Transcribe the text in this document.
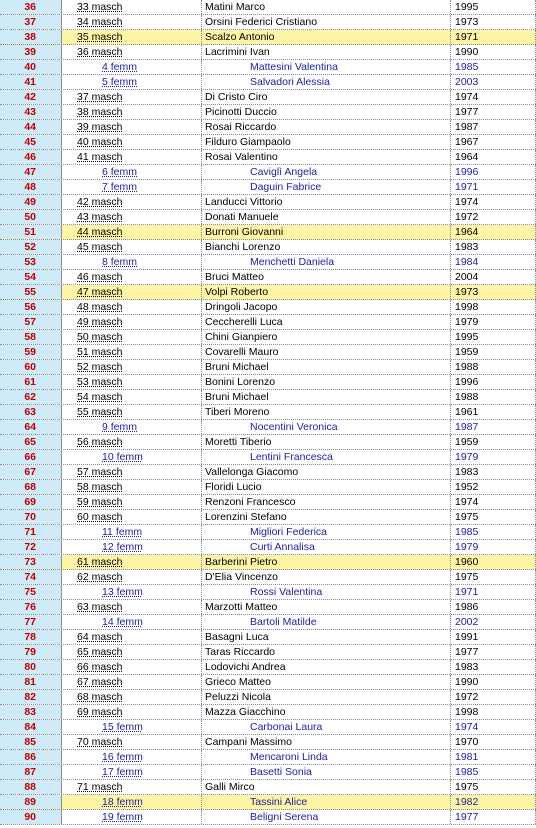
36	33 masch	Matini Marco	1995
37	34 masch	Orsini Federici Cristiano	1973
38	35 masch	Scalzo Antonio	1971
39	36 masch	Lacrimini Ivan	1990
40	4 femm	Mattesini Valentina	1985
41	5 femm	Salvadori Alessia	2003
42	37 masch	Di Cristo Ciro	1974
43	38 masch	Picinotti Duccio	1977
44	39 masch	Rosai Riccardo	1987
45	40 masch	Filduro Giampaolo	1967
46	41 masch	Rosai Valentino	1964
47	6 femm	Caviglì Angela	1996
48	7 femm	Daguin Fabrice	1971
49	42 masch	Landucci Vittorio	1974
50	43 masch	Donati Manuele	1972
51	44 masch	Burroni Giovanni	1964
52	45 masch	Bianchi Lorenzo	1983
53	8 femm	Menchetti Daniela	1984
54	46 masch	Bruci Matteo	2004
55	47 masch	Volpi Roberto	1973
56	48 masch	Dringoli Jacopo	1998
57	49 masch	Ceccherelli Luca	1979
58	50 masch	Chini Gianpiero	1995
59	51 masch	Covarelli Mauro	1959
60	52 masch	Bruni Michael	1988
61	53 masch	Bonini Lorenzo	1996
62	54 masch	Bruni Michael	1988
63	55 masch	Tiberi Moreno	1961
64	9 femm	Nocentini Veronica	1987
65	56 masch	Moretti Tiberio	1959
66	10 femm	Lentini Francesca	1979
67	57 masch	Vallelonga Giacomo	1983
68	58 masch	Floridi Lucio	1952
69	59 masch	Renzoni Francesco	1974
70	60 masch	Lorenzini Stefano	1975
71	11 femm	Migliori Federica	1985
72	12 femm	Curti Annalisa	1979
73	61 masch	Barberini Pietro	1960
74	62 masch	D'Elia Vincenzo	1975
75	13 femm	Rossi Valentina	1971
76	63 masch	Marzotti Matteo	1986
77	14 femm	Bartoli Matilde	2002
78	64 masch	Basagni Luca	1991
79	65 masch	Taras Riccardo	1977
80	66 masch	Lodovichi Andrea	1983
81	67 masch	Grieco Matteo	1990
82	68 masch	Peluzzi Nicola	1972
83	69 masch	Mazza Giacchino	1998
84	15 femm	Carbonai Laura	1974
85	70 masch	Campani Massimo	1970
86	16 femm	Mencaroni Linda	1981
87	17 femm	Basetti Sonia	1985
88	71 masch	Galli Mirco	1975
89	18 femm	Tassini Alice	1982
90	19 femm	Beligni Serena	1977
